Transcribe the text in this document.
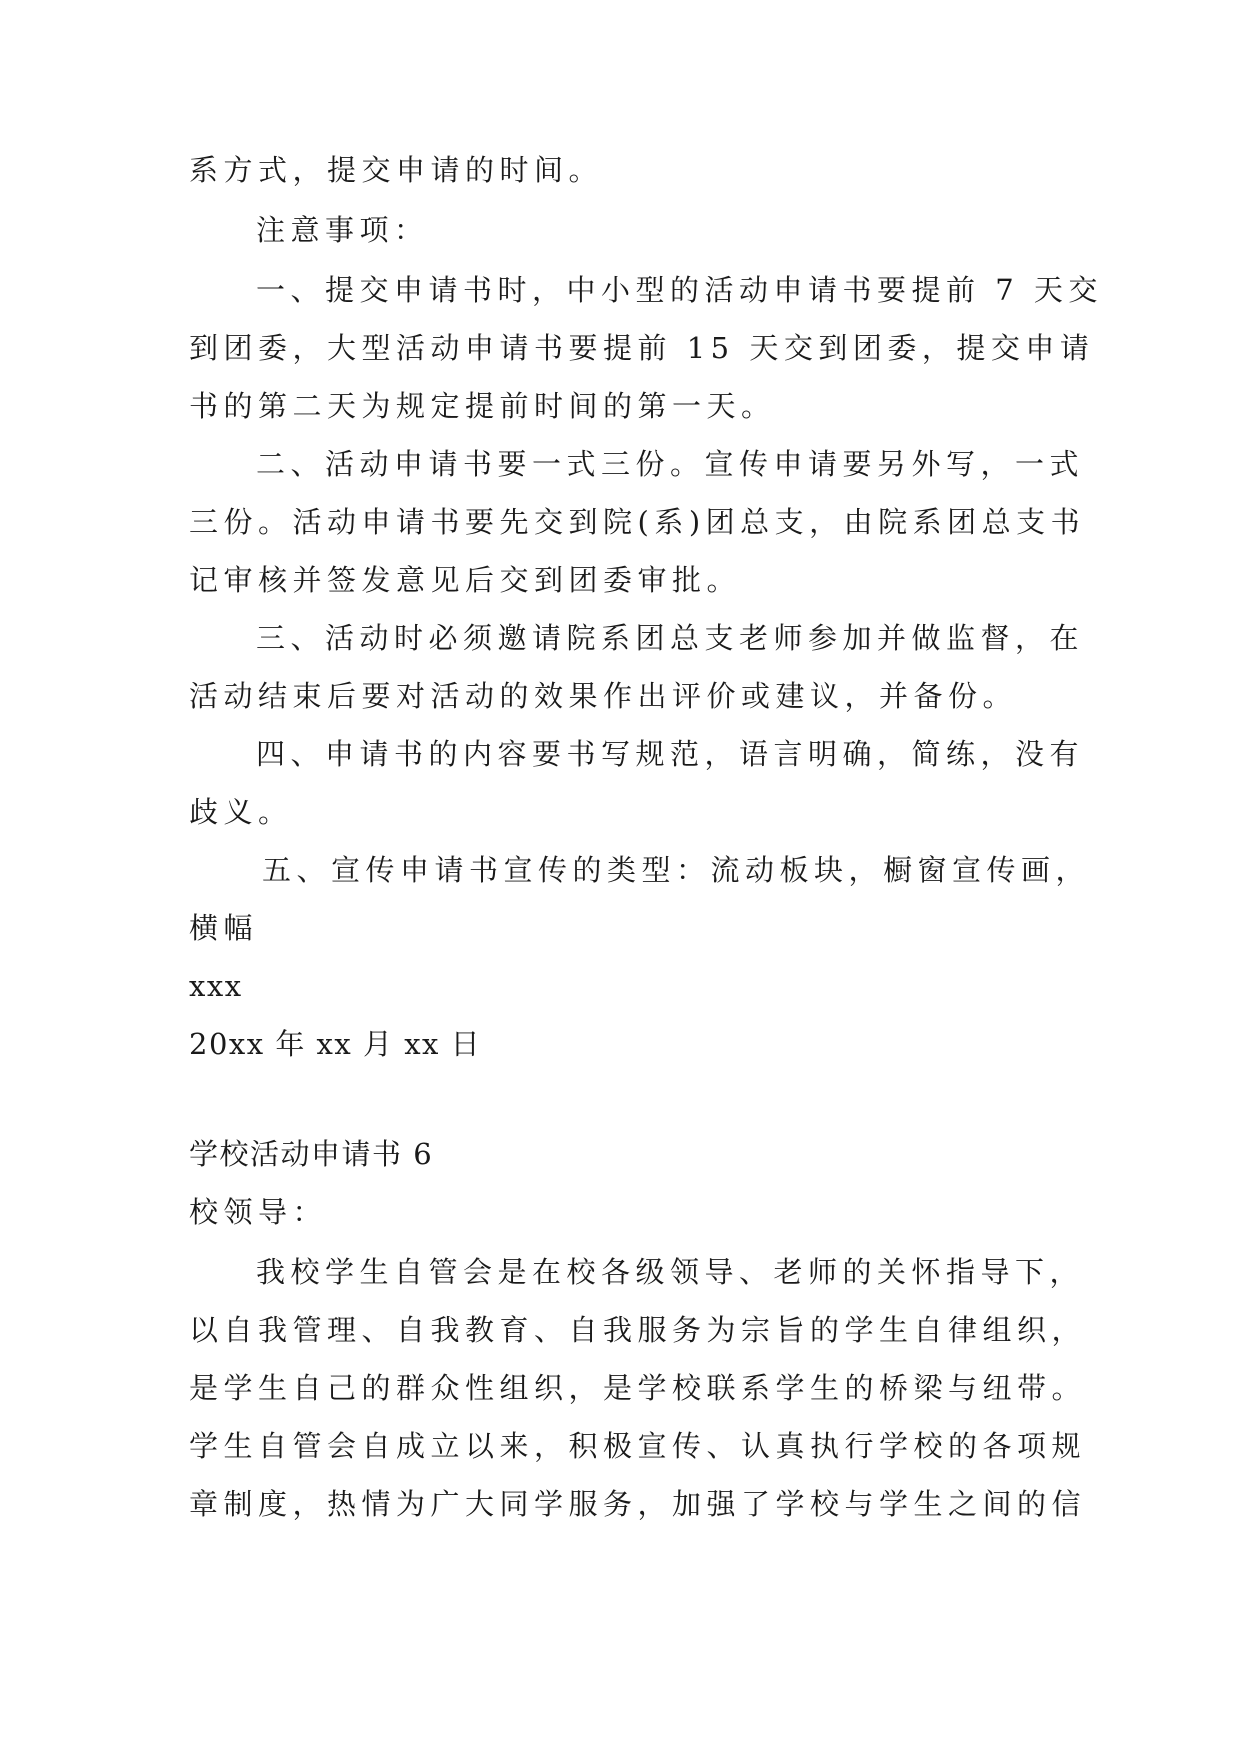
系方式，提交申请的时间。
注意事项：
一、提交申请书时，中小型的活动申请书要提前 7 天交
到团委，大型活动申请书要提前 15 天交到团委，提交申请
书的第二天为规定提前时间的第一天。
二、活动申请书要一式三份。宣传申请要另外写，一式
三份。活动申请书要先交到院(系)团总支，由院系团总支书
记审核并签发意见后交到团委审批。
三、活动时必须邀请院系团总支老师参加并做监督，在
活动结束后要对活动的效果作出评价或建议，并备份。
四、申请书的内容要书写规范，语言明确，简练，没有
歧义。
五、宣传申请书宣传的类型：流动板块，橱窗宣传画，
横幅
xxx
20xx 年 xx 月 xx 日
学校活动申请书 6
校领导：
我校学生自管会是在校各级领导、老师的关怀指导下，
以自我管理、自我教育、自我服务为宗旨的学生自律组织，
是学生自己的群众性组织，是学校联系学生的桥梁与纽带。
学生自管会自成立以来，积极宣传、认真执行学校的各项规
章制度，热情为广大同学服务，加强了学校与学生之间的信
